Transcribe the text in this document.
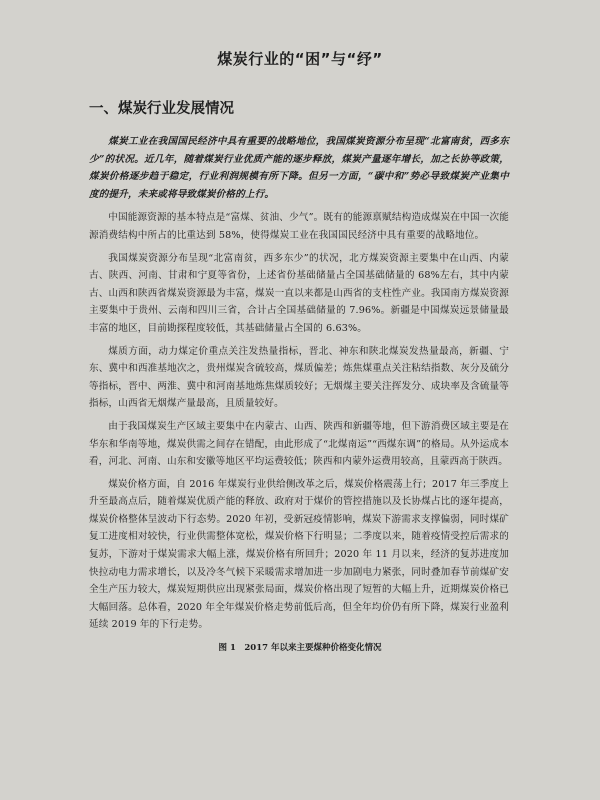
煤炭行业的“困”与“纾”
一、煤炭行业发展情况

煤炭工业在我国国民经济中具有重要的战略地位，我国煤炭资源分布呈现“北富南贫，西多东少”的状况。近几年，随着煤炭行业优质产能的逐步释放，煤炭产量逐年增长，加之长协等政策，煤炭价格逐步趋于稳定，行业利润规模有所下降。但另一方面，“碳中和”势必导致煤炭产业集中度的提升，未来或将导致煤炭价格的上行。

中国能源资源的基本特点是“富煤、贫油、少气”。既有的能源禀赋结构造成煤炭在中国一次能源消费结构中所占的比重达到 58%，使得煤炭工业在我国国民经济中具有重要的战略地位。

我国煤炭资源分布呈现“北富南贫，西多东少”的状况，北方煤炭资源主要集中在山西、内蒙古、陕西、河南、甘肃和宁夏等省份，上述省份基础储量占全国基础储量的 68%左右，其中内蒙古、山西和陕西省煤炭资源最为丰富，煤炭一直以来都是山西省的支柱性产业。我国南方煤炭资源主要集中于贵州、云南和四川三省，合计占全国基础储量的 7.96%。新疆是中国煤炭远景储量最丰富的地区，目前勘探程度较低，其基础储量占全国的 6.63%。

煤质方面，动力煤定价重点关注发热量指标，晋北、神东和陕北煤炭发热量最高，新疆、宁东、冀中和西准基地次之，贵州煤炭含硫较高，煤质偏差；炼焦煤重点关注粘结指数、灰分及硫分等指标，晋中、两淮、冀中和河南基地炼焦煤质较好；无烟煤主要关注挥发分、成块率及含硫量等指标，山西省无烟煤产量最高，且质量较好。

由于我国煤炭生产区域主要集中在内蒙古、山西、陕西和新疆等地，但下游消费区域主要是在华东和华南等地，煤炭供需之间存在错配，由此形成了“北煤南运”“西煤东调”的格局。从外运成本看，河北、河南、山东和安徽等地区平均运费较低；陕西和内蒙外运费用较高，且蒙西高于陕西。

煤炭价格方面，自 2016 年煤炭行业供给侧改革之后，煤炭价格震荡上行；2017 年三季度上升至最高点后，随着煤炭优质产能的释放、政府对于煤价的管控措施以及长协煤占比的逐年提高，煤炭价格整体呈波动下行态势。2020 年初，受新冠疫情影响，煤炭下游需求支撑偏弱，同时煤矿复工进度相对较快，行业供需整体宽松，煤炭价格下行明显；二季度以来，随着疫情受控后需求的复苏，下游对于煤炭需求大幅上涨，煤炭价格有所回升；2020 年 11 月以来，经济的复苏进度加快拉动电力需求增长，以及冷冬气候下采暖需求增加进一步加剧电力紧张，同时叠加春节前煤矿安全生产压力较大，煤炭短期供应出现紧张局面，煤炭价格出现了短暂的大幅上升，近期煤炭价格已大幅回落。总体看，2020 年全年煤炭价格走势前低后高，但全年均价仍有所下降，煤炭行业盈利延续 2019 年的下行走势。

图 1　2017 年以来主要煤种价格变化情况
